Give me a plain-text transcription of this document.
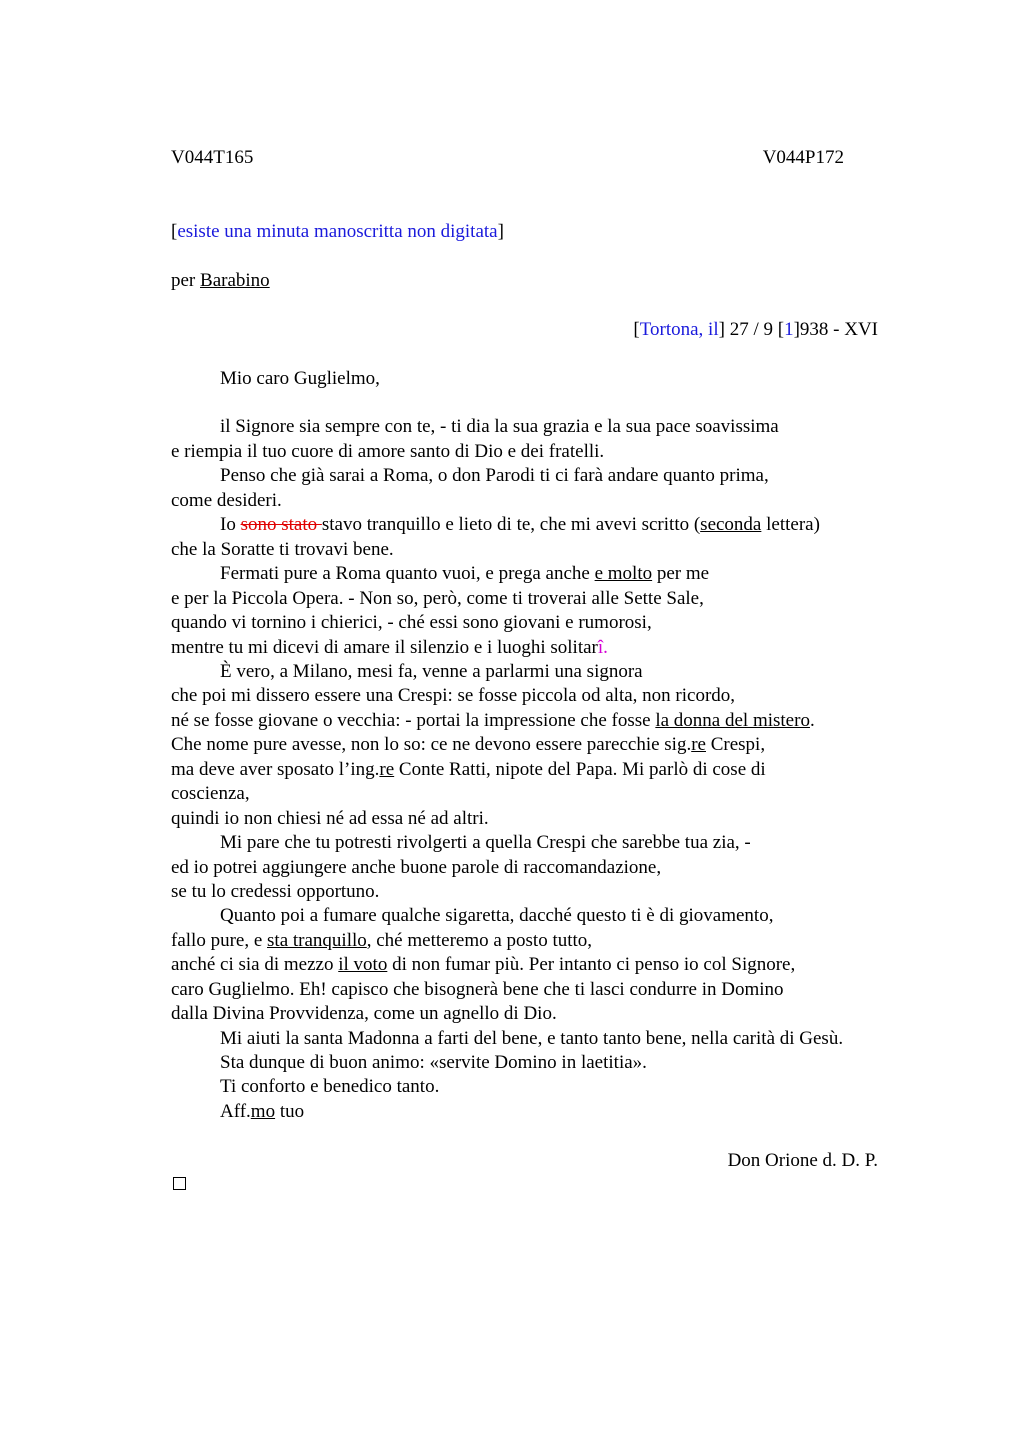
V044T165	V044P172
[esiste una minuta manoscritta non digitata]
per Barabino
[Tortona, il] 27 / 9 [1]938 - XVI
Mio caro Guglielmo,
il Signore sia sempre con te, - ti dia la sua grazia e la sua pace soavissima
e riempia il tuo cuore di amore santo di Dio e dei fratelli.
Penso che già sarai a Roma, o don Parodi ti ci farà andare quanto prima,
come desideri.
Io sono stato stavo tranquillo e lieto di te, che mi avevi scritto (seconda lettera)
che la Soratte ti trovavi bene.
Fermati pure a Roma quanto vuoi, e prega anche e molto per me
e per la Piccola Opera. - Non so, però, come ti troverai alle Sette Sale,
quando vi tornino i chierici, - ché essi sono giovani e rumorosi,
mentre tu mi dicevi di amare il silenzio e i luoghi solitarî.
È vero, a Milano, mesi fa, venne a parlarmi una signora
che poi mi dissero essere una Crespi: se fosse piccola od alta, non ricordo,
né se fosse giovane o vecchia: - portai la impressione che fosse la donna del mistero.
Che nome pure avesse, non lo so: ce ne devono essere parecchie sig.re Crespi,
ma deve aver sposato l’ing.re Conte Ratti, nipote del Papa. Mi parlò di cose di
coscienza,
quindi io non chiesi né ad essa né ad altri.
Mi pare che tu potresti rivolgerti a quella Crespi che sarebbe tua zia, -
ed io potrei aggiungere anche buone parole di raccomandazione,
se tu lo credessi opportuno.
Quanto poi a fumare qualche sigaretta, dacché questo ti è di giovamento,
fallo pure, e sta tranquillo, ché metteremo a posto tutto,
anché ci sia di mezzo il voto di non fumar più. Per intanto ci penso io col Signore,
caro Guglielmo. Eh! capisco che bisognerà bene che ti lasci condurre in Domino
dalla Divina Provvidenza, come un agnello di Dio.
Mi aiuti la santa Madonna a farti del bene, e tanto tanto bene, nella carità di Gesù.
Sta dunque di buon animo: «servite Domino in laetitia».
Ti conforto e benedico tanto.
Aff.mo tuo
Don Orione d. D. P.
